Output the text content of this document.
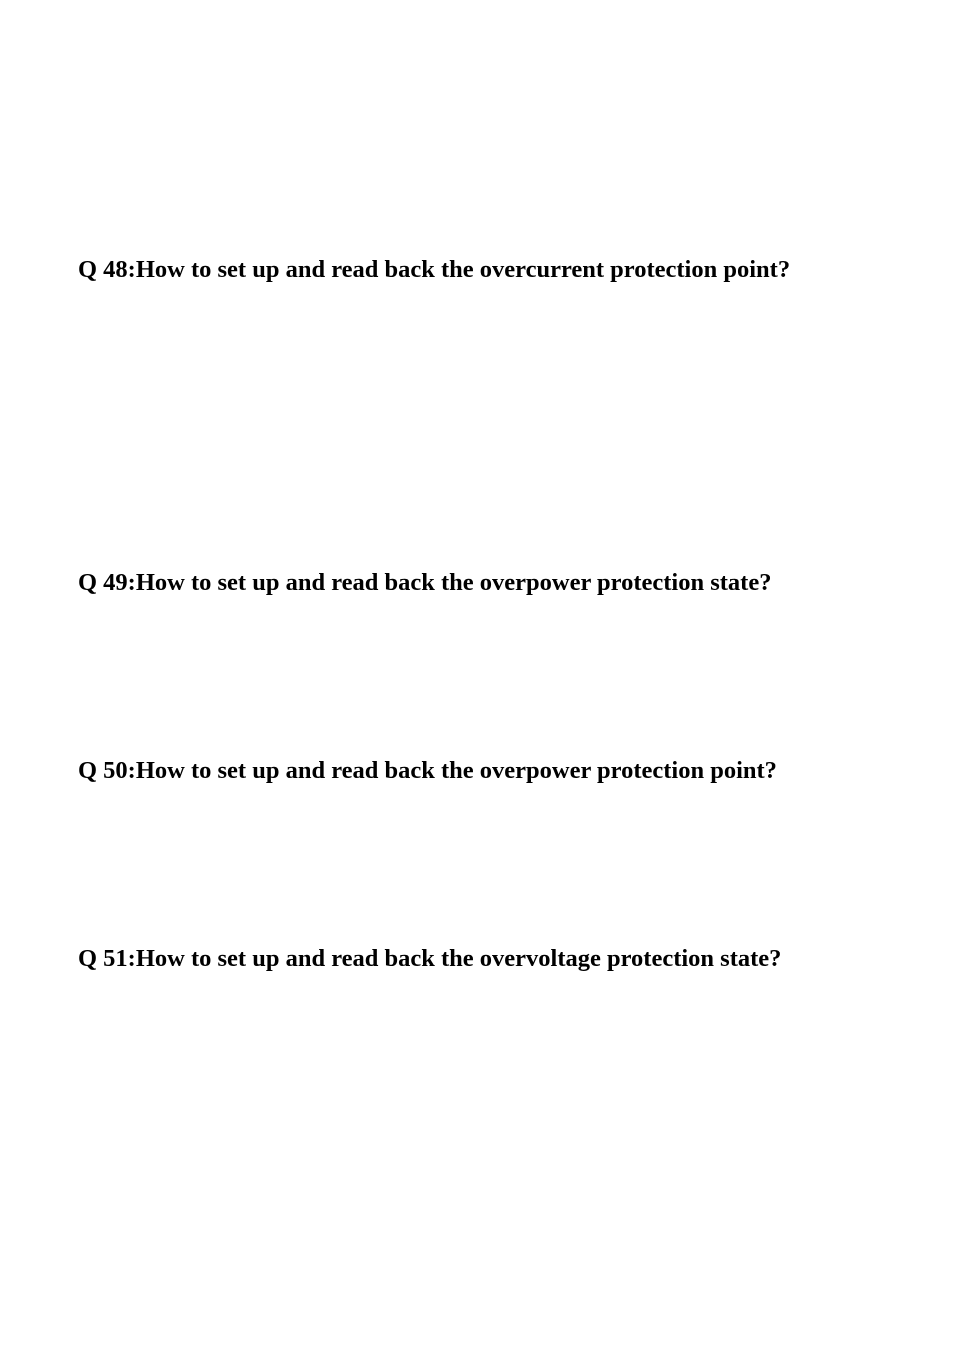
Q 48:How to set up and read back the overcurrent protection point?
Q 49:How to set up and read back the overpower protection state?
Q 50:How to set up and read back the overpower protection point?
Q 51:How to set up and read back the overvoltage protection state?
